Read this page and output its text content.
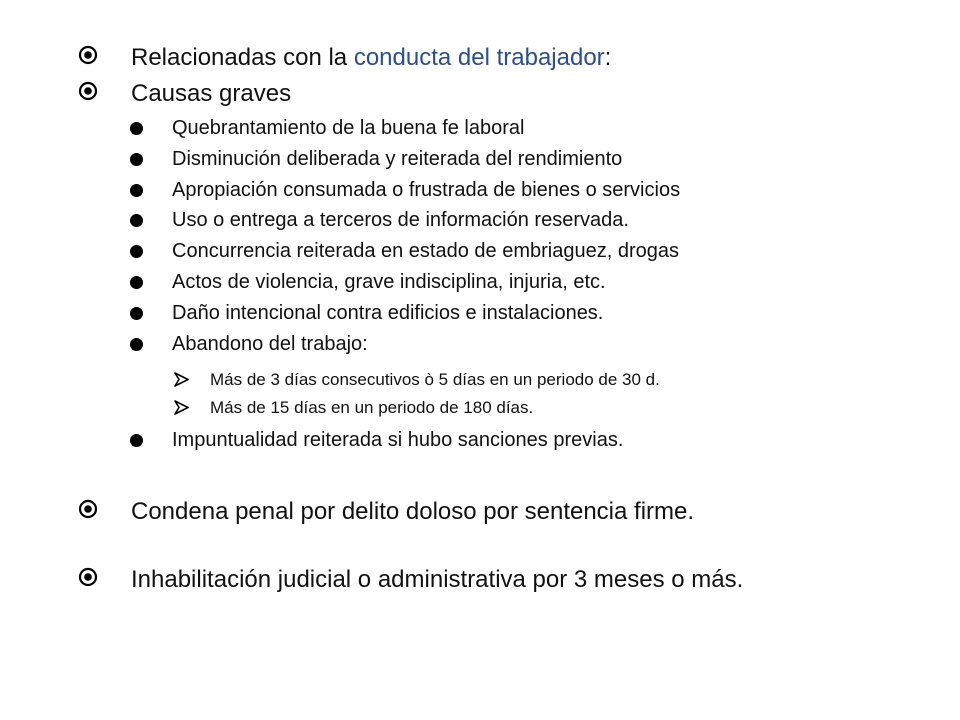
Relacionadas con la conducta del trabajador:
Causas graves
Quebrantamiento de la buena fe laboral
Disminución deliberada y reiterada del rendimiento
Apropiación consumada o frustrada de bienes o servicios
Uso o entrega a terceros de información reservada.
Concurrencia reiterada en estado de embriaguez, drogas
Actos de violencia, grave indisciplina, injuria, etc.
Daño intencional contra edificios e instalaciones.
Abandono del trabajo:
Más de 3 días consecutivos ò 5 días en un periodo de 30 d.
Más de 15 días en un periodo de 180 días.
Impuntualidad reiterada si hubo sanciones previas.
Condena penal por delito doloso por sentencia firme.
Inhabilitación judicial o administrativa por 3 meses o más.
